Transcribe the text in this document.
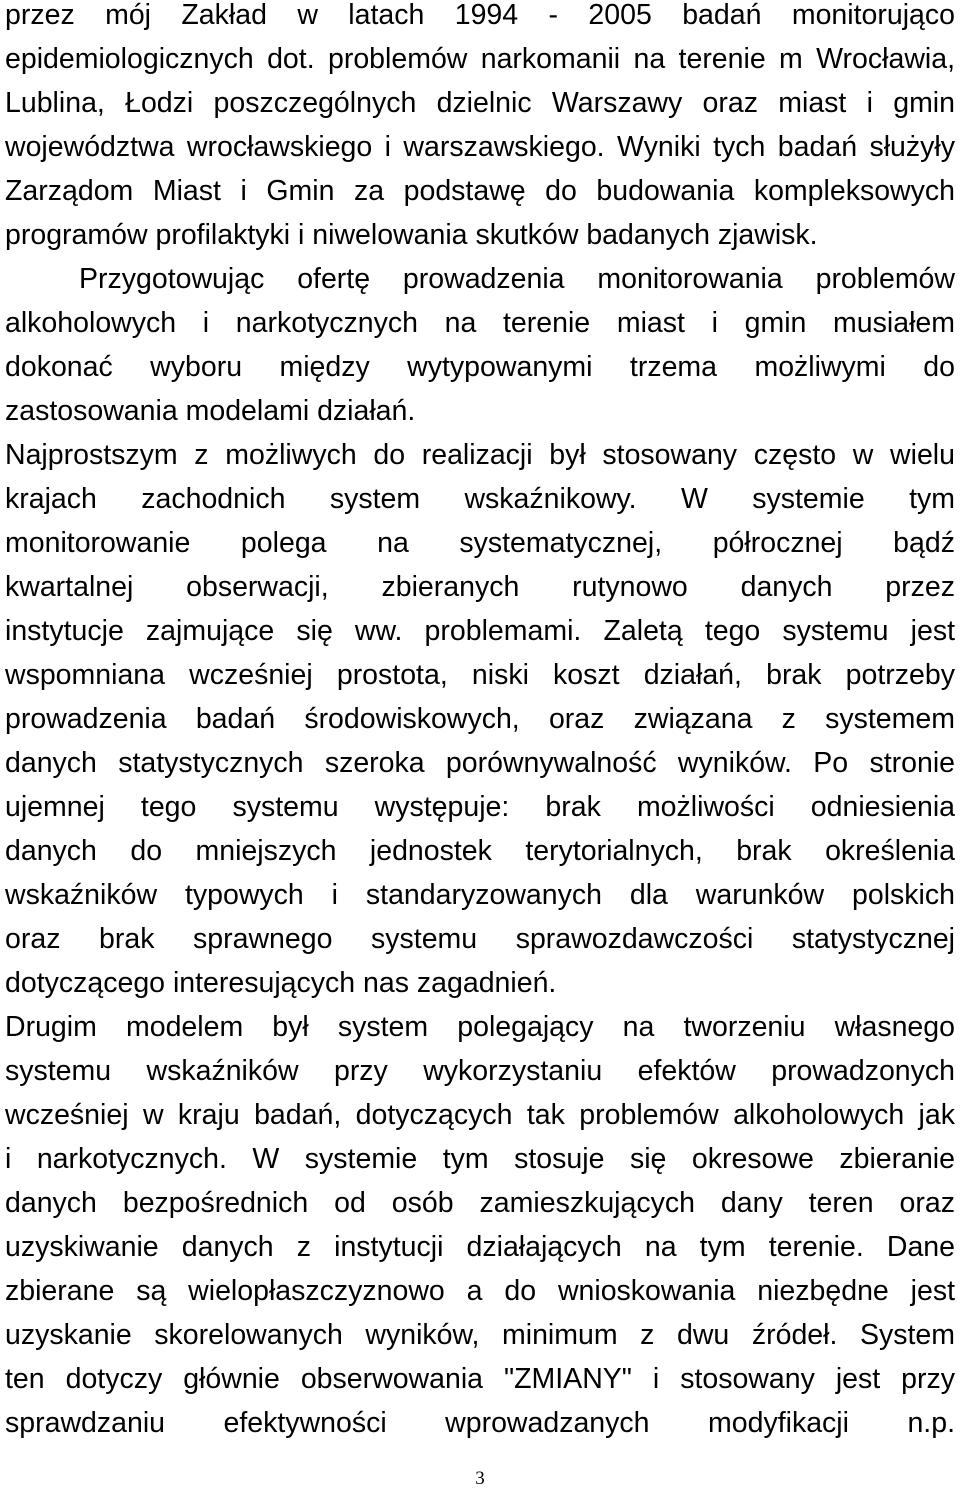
przez mój Zakład w latach 1994 - 2005 badań monitorująco
epidemiologicznych dot. problemów narkomanii na terenie m Wrocławia,
Lublina, Łodzi poszczególnych dzielnic Warszawy oraz miast i gmin
województwa wrocławskiego i warszawskiego. Wyniki tych badań służyły
Zarządom Miast i Gmin za podstawę do budowania kompleksowych
programów profilaktyki i niwelowania skutków badanych zjawisk.
Przygotowując ofertę prowadzenia monitorowania problemów
alkoholowych i narkotycznych na terenie miast i gmin musiałem
dokonać wyboru między wytypowanymi trzema możliwymi do
zastosowania modelami działań.
Najprostszym z możliwych do realizacji był stosowany często w wielu
krajach zachodnich system wskaźnikowy. W systemie tym
monitorowanie polega na systematycznej, półrocznej bądź
kwartalnej obserwacji, zbieranych rutynowo danych przez
instytucje zajmujące się ww. problemami. Zaletą tego systemu jest
wspomniana wcześniej prostota, niski koszt działań, brak potrzeby
prowadzenia badań środowiskowych, oraz związana z systemem
danych statystycznych szeroka porównywalność wyników. Po stronie
ujemnej tego systemu występuje: brak możliwości odniesienia
danych do mniejszych jednostek terytorialnych, brak określenia
wskaźników typowych i standaryzowanych dla warunków polskich
oraz brak sprawnego systemu sprawozdawczości statystycznej
dotyczącego interesujących nas zagadnień.
Drugim modelem był system polegający na tworzeniu własnego
systemu wskaźników przy wykorzystaniu efektów prowadzonych
wcześniej w kraju badań, dotyczących tak problemów alkoholowych jak
i narkotycznych. W systemie tym stosuje się okresowe zbieranie
danych bezpośrednich od osób zamieszkujących dany teren oraz
uzyskiwanie danych z instytucji działających na tym terenie. Dane
zbierane są wielopłaszczyznowo a do wnioskowania niezbędne jest
uzyskanie skorelowanych wyników, minimum z dwu źródeł. System
ten dotyczy głównie obserwowania "ZMIANY" i stosowany jest przy
sprawdzaniu efektywności wprowadzanych modyfikacji n.p.
3
